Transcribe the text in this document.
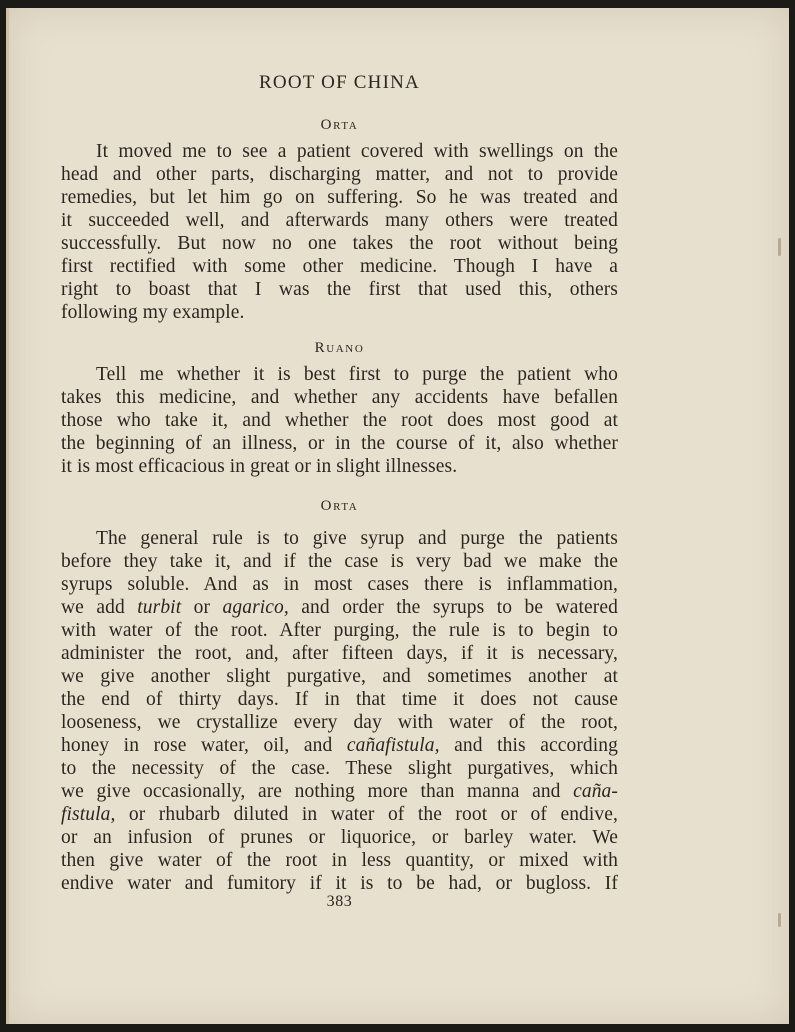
ROOT OF CHINA
Orta
It moved me to see a patient covered with swellings on the
head and other parts, discharging matter, and not to provide
remedies, but let him go on suffering. So he was treated and
it succeeded well, and afterwards many others were treated
successfully. But now no one takes the root without being
first rectified with some other medicine. Though I have a
right to boast that I was the first that used this, others
following my example.
Ruano
Tell me whether it is best first to purge the patient who
takes this medicine, and whether any accidents have befallen
those who take it, and whether the root does most good at
the beginning of an illness, or in the course of it, also whether
it is most efficacious in great or in slight illnesses.
Orta
The general rule is to give syrup and purge the patients
before they take it, and if the case is very bad we make the
syrups soluble. And as in most cases there is inflammation,
we add turbit or agarico, and order the syrups to be watered
with water of the root. After purging, the rule is to begin to
administer the root, and, after fifteen days, if it is necessary,
we give another slight purgative, and sometimes another at
the end of thirty days. If in that time it does not cause
looseness, we crystallize every day with water of the root,
honey in rose water, oil, and cañafistula, and this according
to the necessity of the case. These slight purgatives, which
we give occasionally, are nothing more than manna and caña-
fistula, or rhubarb diluted in water of the root or of endive,
or an infusion of prunes or liquorice, or barley water. We
then give water of the root in less quantity, or mixed with
endive water and fumitory if it is to be had, or bugloss. If
383
